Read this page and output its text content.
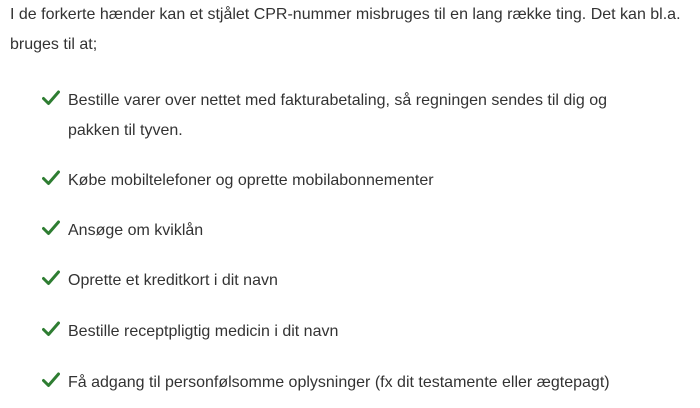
I de forkerte hænder kan et stjålet CPR-nummer misbruges til en lang række ting. Det kan bl.a. bruges til at;

Bestille varer over nettet med fakturabetaling, så regningen sendes til dig og pakken til tyven.
Købe mobiltelefoner og oprette mobilabonnementer
Ansøge om kviklån
Oprette et kreditkort i dit navn
Bestille receptpligtig medicin i dit navn
Få adgang til personfølsomme oplysninger (fx dit testamente eller ægtepagt)
